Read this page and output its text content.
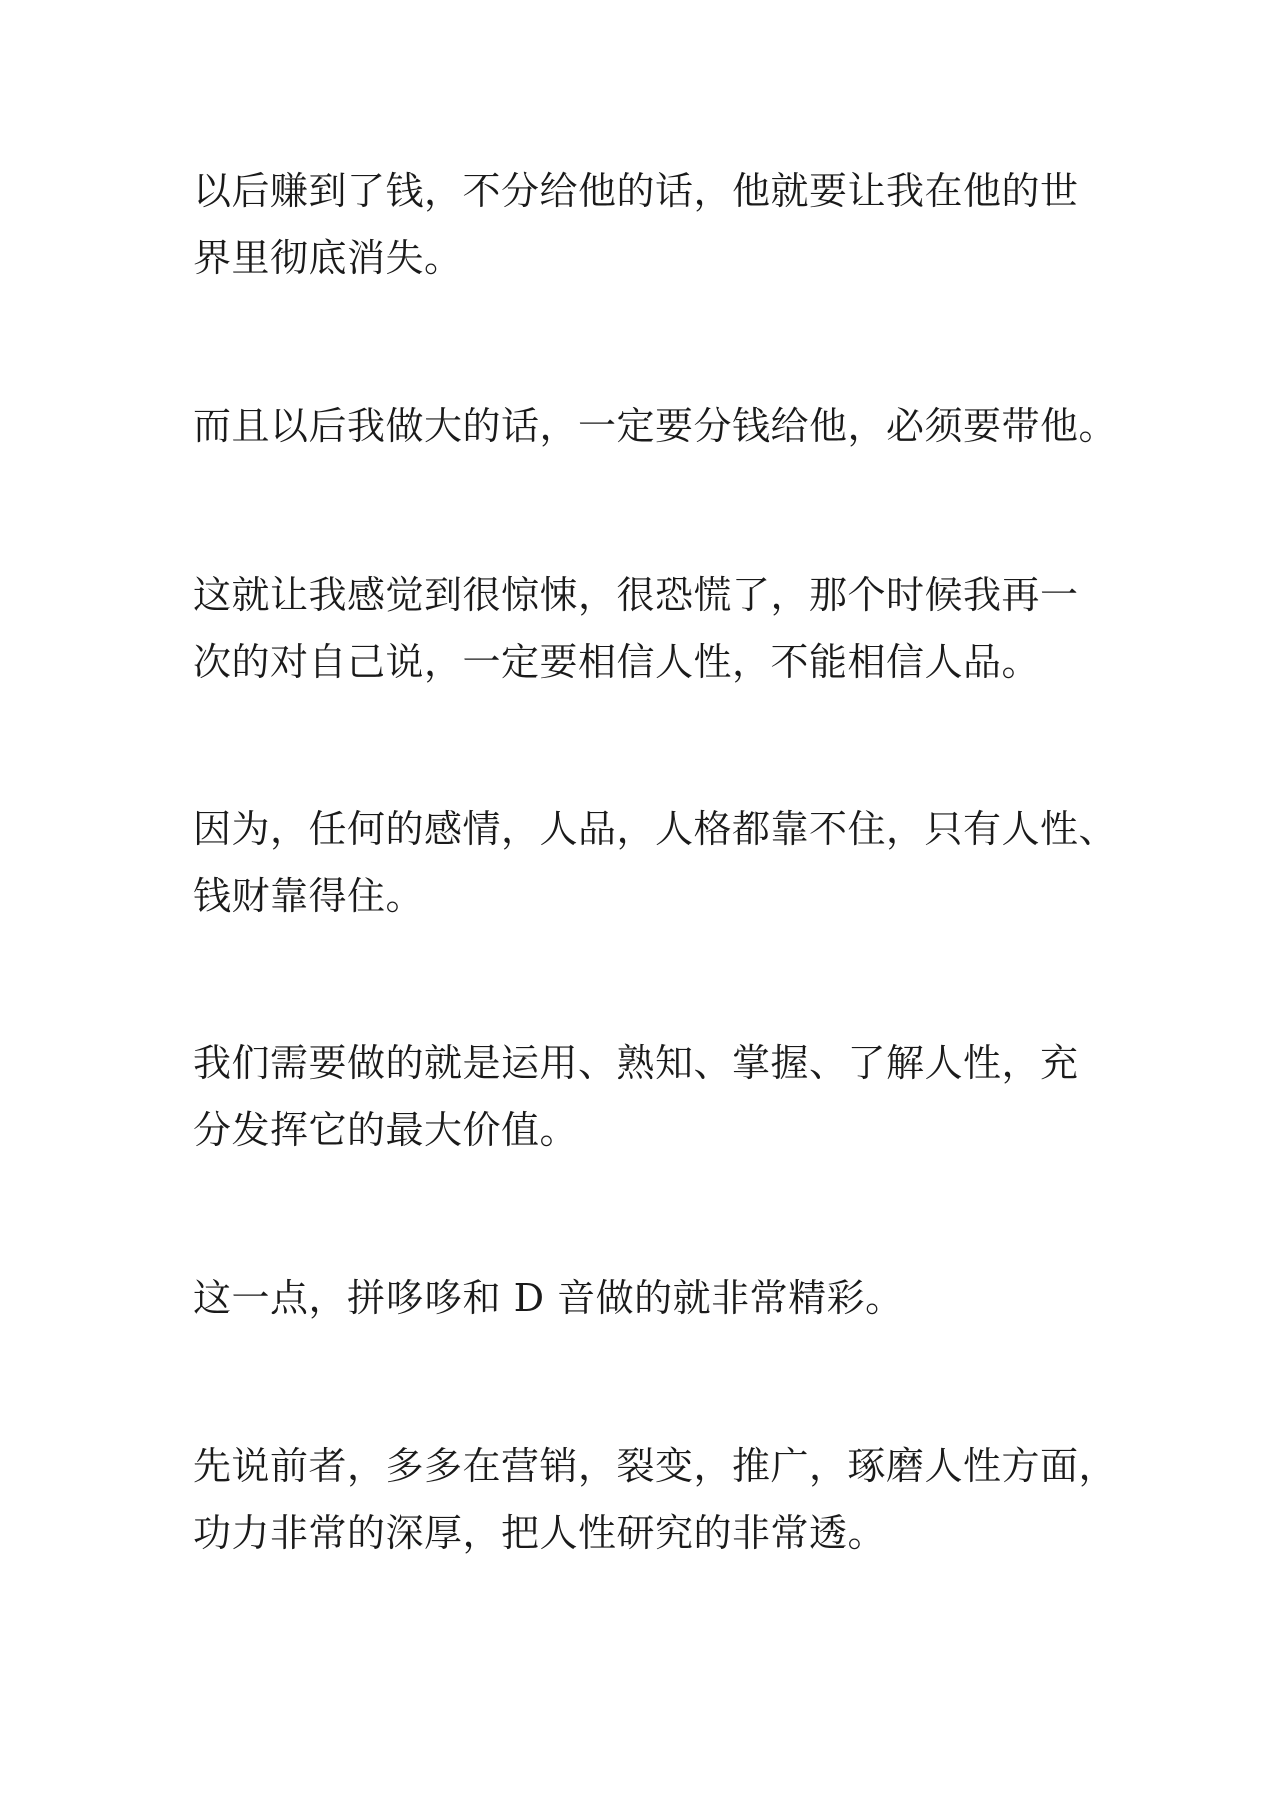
以后赚到了钱，不分给他的话，他就要让我在他的世
界里彻底消失。

而且以后我做大的话，一定要分钱给他，必须要带他。

这就让我感觉到很惊悚，很恐慌了，那个时候我再一
次的对自己说，一定要相信人性，不能相信人品。

因为，任何的感情，人品，人格都靠不住，只有人性、
钱财靠得住。

我们需要做的就是运用、熟知、掌握、了解人性，充
分发挥它的最大价值。

这一点，拼哆哆和 D 音做的就非常精彩。

先说前者，多多在营销，裂变，推广，琢磨人性方面，
功力非常的深厚，把人性研究的非常透。
